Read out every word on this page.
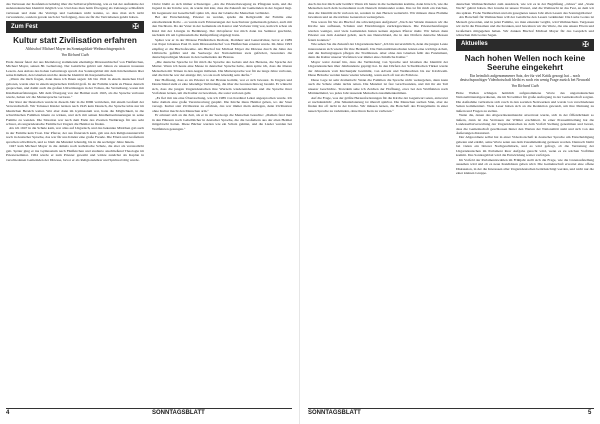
das Verlassen der Konfektion beliebig über die Selbstverpflichtung, wie es bei der Aufnahme der sudetendeutschen Identität möglich war. Und dass man beim Übergang als Zeitzeuge schließlich verlassen und dann die Verträge und Gedanken nicht kannte, so dass man sich nicht verwunderte, sondern gerade nach der Verfolgung, dass sie für die Vertriebenen gelebt haben.

Zum Fest	✠
Kultur statt Zivilisation erfahren
Altbischof Michael Mayer im Sonntagsblatt-Weihnachtsgespräch
Von Richard Guth

Ende Januar feiert der aus Kleindorog stammende ehemalige Diözesanbischof von Fünfkirchen, Michael Mayer, seinen 80. Geburtstag. Der Geistliche gehört seit Jahren zu unseren treuesten Lesern. Aus Anlass des hohen Geburtstags sprach das Sonntagsblatt mit dem Kirchenmann über seine Kindheit, den Glauben und die deutsche Identität im Karpatenbecken.

„Wenn die mich fragen, dann muss ich Ihnen sagen: Ich bin 1941 in einem deutschen Dorf geboren, wurde aber in einem ungarischen Umfeld groß. In der Familie wurde zu Hause deutsch gesprochen, und damit auch die großen Umwälzungen in der Tolnau, die Vertreibung, waren mir Kindheitserfahrungen. Mit dem Übergang von der Heimat nach 1945, als die Sprache verboten wurde, haben wir die Muttersprache verloren.“

Der Rest der Deutschen wurde in diesem Jahr in die DDR vertrieben, mit einem Großteil der Verwandtschaft. Wir Tolnauer Kinder lernten nach 1945 kein Deutsch, die Sprache lebte nur im häuslichen Bereich weiter. Wer aber dann im Gymnasium war, hatte die Möglichkeit, in die schwäbischen Familien hinein zu wirken, und sich mit seinen Kindheitserinnerungen in seine Familie zu wenden. Die Situation war nach dem Ende des Zweiten Weltkriegs für uns sehr schwer, als ungarndeutsche Familie bei Ungarn die Heimat zu finden.

Als ich 1947 in die Schule kam, war alles auf Ungarisch, und das bekannte Mädchen gab auch in der Familie kein Trost. Der Pfarrer, der aus Österreich kam, gab uns den Religionsunterricht noch in deutscher Sprache, das war für uns Kinder eine große Freude. Die Eltern und Großeltern sprachen schwäbisch, und so blieb die Mundart lebendig, bis in die sechziger Jahre hinein.

1947 kam Michael Mayer in die damals noch katholische Schule, die aber als verstaatlicht galt. Später ging er ins Gymnasium nach Fünfkirchen und studierte anschließend Theologie im Priesterseminar. 1964 wurde er zum Priester geweiht und wirkte zunächst als Kaplan in verschiedenen Gemeinden der Diözese, bevor er als Religionslehrer und Spiritual tätig wurde.

Christ bleibt es sich immer schwieriger. „Als die Priesterbewegung zu Pfingsten kam, und die Jugend in der Kirche war, da wurde mir klar, dass die Zukunft der Gemeinden in der Jugend liegt. Im Gegensatz zur Gesellschaft spüre ich, dass der Glaube die Menschen verbindet.

Bei der Entscheidung, Priester zu werden, spielte die Religiosität der Familie eine entscheidende Rolle – es wurde nach Erinnerungen der Geschwister gemeinsam gebetet, auch mit den Nachbarn. Da der Vater in der Gemeinde als Kantor und Vorbeter tätig war, kam ich schon als Kind mit der Liturgie in Berührung. Der Ortspfarrer hat mich dann ins Seminar geschickt, nachdem ich am Gymnasium die Reifeprüfung abgelegt hatte.

Später war er in der Diözese Fünfkirchen Dechant, Domherr und Generalvikar, bevor er 1989 von Papst Johannes Paul II. zum Diözesanbischof von Fünfkirchen ernannt wurde. Im Jahre 1993 empfing er die Bischofsweihe. Als Bischof hat Michael Mayer die Diözese durch die Jahre des Umbruchs geführt und die Seelsorge der Nationalitäten stets gefördert, besonders die deutschsprachigen Messen in den Gemeinden der Branau.

„Die deutsche Sprache ist für mich die Sprache des Gebets und des Herzens, die Sprache der Mutter. Wenn ich heute eine Messe in deutscher Sprache halte, dann spüre ich, dass die älteren Menschen mit Tränen in den Augen mitbeten. Die Muttersprache war für sie lange Jahre verboten, und die Kirche war der einzige Ort, wo sie noch lebendig sein durfte.“

Der Hoffnung, dass es als Priester in der Branau kommt, war er sich bewusst. In Ungarn und Deutschland sieht er eine lebendige Verbindung, die über die Grenzen hinweg besteht. Er wünscht sich, dass die jungen Ungarndeutschen ihre Wurzeln wiederentdecken und die Sprache ihrer Vorfahren lernen, um die Kultur zu bewahren, die sonst verloren geht.

„Es fiel mir nie eine Überraschung, wie ich 1989 von Kardinal Lékai angesprochen wurde. Ich habe damals eine große Verantwortung gespürt. Die Kirche muss Heimat geben, wo der Staat versagt. Kultur statt Zivilisation zu erfahren, das war immer mein Anliegen, denn Zivilisation ohne Kultur macht den Menschen arm.“

Er erinnert sich an die Zeit, als er in der Seelsorge die Menschen besuchte: „Damals fand man in den Häusern noch Gebetbücher in deutscher Sprache, die die Großeltern aus der alten Heimat mitgebracht hatten. Diese Bücher wurden wie ein Schatz gehütet, und die Lieder wurden bei Wallfahrten gesungen.“

4	SONNTAGSBLATT

Auch das hat mich sehr berührt: Wenn ich heute in die Gemeinden komme, dann höre ich, wie die Menschen nach dem Gottesdienst noch Deutsch miteinander reden. Das ist für mich ein Zeichen, dass die Identität nicht verloren ist, sondern in den Herzen weiterlebt. Wir müssen diese Flamme bewahren und an die nächste Generation weitergeben.

Was waren für Sie als Bischof die schwierigsten Aufgaben? „Nach der Wende mussten wir die Kirche neu aufbauen, Schulen und Einrichtungen zurückgewinnen. Die Priesterberufungen wurden weniger, und viele Gemeinden hatten keinen eigenen Pfarrer mehr. Wir haben dann Priester aus dem Ausland geholt, auch aus Deutschland, die in den Dörfern deutsche Messen feiern konnten.“

Wie sehen Sie die Zukunft der Ungarndeutschen? „Ich bin zuversichtlich, denn die jungen Leute interessieren sich wieder für ihre Herkunft. Die Nationalitätenschulen leisten eine wichtige Arbeit, und die Kulturgruppen pflegen die Traditionen. Aber ohne den Glauben fehlt das Fundament, denn die Kultur unserer Vorfahren war immer eine christliche Kultur.“

Mayer weist darauf hin, dass die Verbindung von Sprache und Glauben die Identität der Ungarndeutschen über Jahrhunderte geprägt hat. In den Dörfern der Schwäbischen Türkei wurde der Jahreskreis vom Kirchenjahr bestimmt, von Advent und Weihnachten bis zur Kirchweih. Diese Bräuche werden heute wieder lebendig, wenn auch oft nur als Folklore.

Diese Lage ist sehr dramatisch: Wenn die Familien die Sprache nicht weitergeben, dann kann auch die Schule allein nichts retten. Die Mundart ist fast verschwunden, und mit ihr ein Teil unserer Geschichte. Trotzdem sehe ich Zeichen der Hoffnung, etwa bei den Wallfahrten nach Máriakéménd, wo jedes Jahr tausende Menschen zusammenkommen.

Auf die Frage, was der größte Herausforderungen für die Kirche der Gegenwart seien, antwortet er nachdenklich: „Die Säkularisierung ist überall spürbar. Die Menschen suchen Sinn, aber sie finden ihn oft nicht in der Kirche. Wir müssen lernen, die Botschaft des Evangeliums in einer neuen Sprache zu verkünden, ohne ihren Kern zu verlieren.“

deutschen Weihnachtslieder zum Ausdruck, wie wir es in der Begrüßung „Jahres“ und „Stade Nacht“ gehört haben. Der Glaube ist unsere Wurzel, und die Weihnacht ist das Fest, an dem wir das spüren. Frohe Weihnachten und ein gesegnetes neues Jahr allen Lesern des Sonntagsblattes!

Als Botschaft für Weihnachten will der Geistliche den Lesern verkünden: Die Liebe Gottes ist Mensch geworden, und in jeder Familie, wo man einander vergibt, wird Weihnachten. Vergessen wir nicht die Einsamen und die Kranken, und bewahren wir die Werte, die uns unsere Eltern und Großeltern mitgegeben haben. Wir danken Bischof Michael Mayer für das Gespräch und wünschen ihm Gottes Segen.

Aktuelles	✠
Nach hohen Wellen noch keine Seeruhe eingekehrt
Ein heimlich aufgenommener Satz, der für viel Kritik gesorgt hat – noch deutschsprachiger Videobotschaft bleibt es noch ein wenig Frage zurück bei Neuwahl
Von Richard Guth

Hohe Wellen schlugen heimlich aufgenommene Worte des ungarndeutschen Nationalitätenabgeordneten, die im November für große Aufregung in der Gemeinschaft sorgten. Die Aufnahme verbreitete sich rasch in den sozialen Netzwerken und wurde von verschiedenen Seiten kommentiert. Viele Leser haben sich an die Redaktion gewandt, um ihre Meinung zu äußern und Fragen zu stellen.

Wenn die, denen das Abgeordnetenmandat anvertraut wurde, sich in der Öffentlichkeit so äußern, dann ist das Vertrauen der Wähler erschüttert. In einer Pressemitteilung hat die Landesselbstverwaltung der Ungarndeutschen zu dem Vorfall Stellung genommen und betont, dass die Gemeinschaft geschlossen hinter den Werten der Nationalität steht und sich von den Äußerungen distanziert.

Der Abgeordnete selbst hat in einer Videobotschaft in deutscher Sprache um Entschuldigung gebeten und erklärt, seine Worte seien aus dem Zusammenhang gerissen worden. Dennoch bleibt bei vielen ein bitterer Nachgeschmack, und es wird gefragt, ob die Vertretung der Ungarndeutschen im Parlament ihrer Aufgabe gerecht wird, wenn es zu solchen Vorfällen kommt. Das Sonntagsblatt wird die Entwicklung weiter verfolgen.

Im Vorfeld der Parlamentswahlen im Frühjahr stellt sich die Frage, wie die Listenaufstellung aussehen wird und ob es neue Kandidaten geben wird. Die Gemeinschaft erwartet eine offene Diskussion, in der die Interessen aller Ungarndeutschen berücksichtigt werden, und nicht nur die einer kleinen Gruppe.

SONNTAGSBLATT	5
